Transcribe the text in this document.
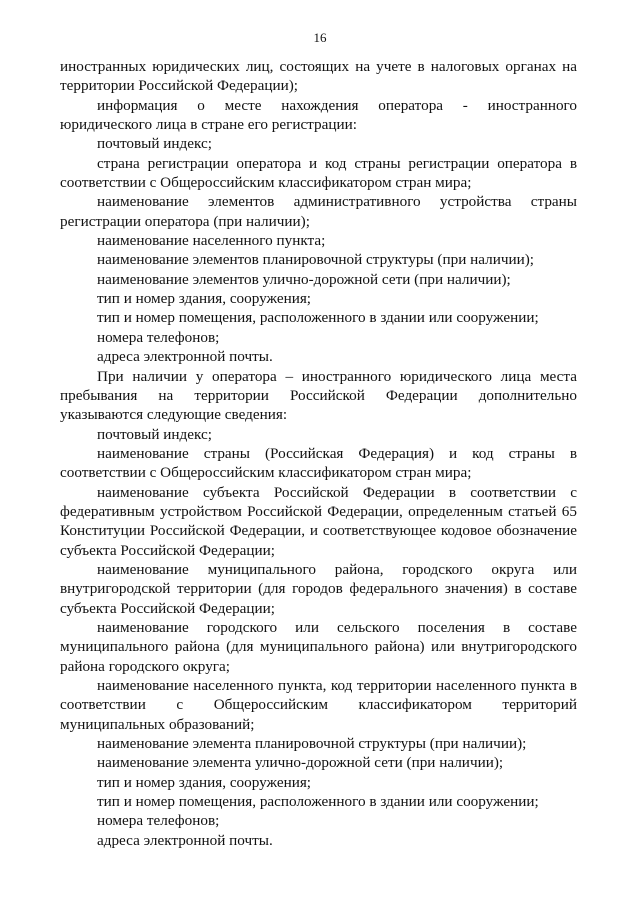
16

иностранных юридических лиц, состоящих на учете в налоговых органах на территории Российской Федерации);

информация о месте нахождения оператора - иностранного юридического лица в стране его регистрации:

почтовый индекс;

страна регистрации оператора и код страны регистрации оператора в соответствии с Общероссийским классификатором стран мира;

наименование элементов административного устройства страны регистрации оператора (при наличии);

наименование населенного пункта;

наименование элементов планировочной структуры (при наличии);

наименование элементов улично-дорожной сети (при наличии);

тип и номер здания, сооружения;

тип и номер помещения, расположенного в здании или сооружении;

номера телефонов;

адреса электронной почты.

При наличии у оператора – иностранного юридического лица места пребывания на территории Российской Федерации дополнительно указываются следующие сведения:

почтовый индекс;

наименование страны (Российская Федерация) и код страны в соответствии с Общероссийским классификатором стран мира;

наименование субъекта Российской Федерации в соответствии с федеративным устройством Российской Федерации, определенным статьей 65 Конституции Российской Федерации, и соответствующее кодовое обозначение субъекта Российской Федерации;

наименование муниципального района, городского округа или внутригородской территории (для городов федерального значения) в составе субъекта Российской Федерации;

наименование городского или сельского поселения в составе муниципального района (для муниципального района) или внутригородского района городского округа;

наименование населенного пункта, код территории населенного пункта в соответствии с Общероссийским классификатором территорий муниципальных образований;

наименование элемента планировочной структуры (при наличии);

наименование элемента улично-дорожной сети (при наличии);

тип и номер здания, сооружения;

тип и номер помещения, расположенного в здании или сооружении;

номера телефонов;

адреса электронной почты.
